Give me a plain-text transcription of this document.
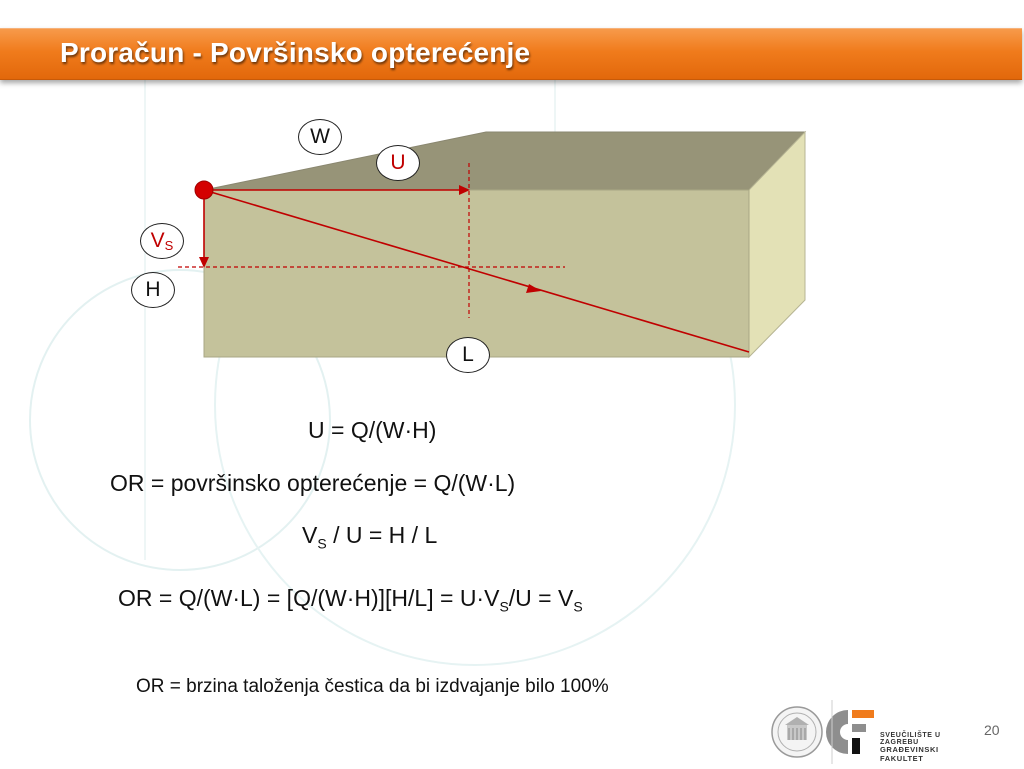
Proračun - Površinsko opterećenje
W
U
$V_S$
H
L
U = Q/(W·H)
OR = površinsko opterećenje = Q/(W·L)
$V_S / U = H / L$
OR = $Q/(W\cdot L) = [Q/(W\cdot H)][H/L] = U\cdot V_S/U = V_S$
OR = brzina taloženja čestica da bi izdvajanje bilo 100%
SVEUČILIŠTE U ZAGREBU
GRAĐEVINSKI FAKULTET
20
